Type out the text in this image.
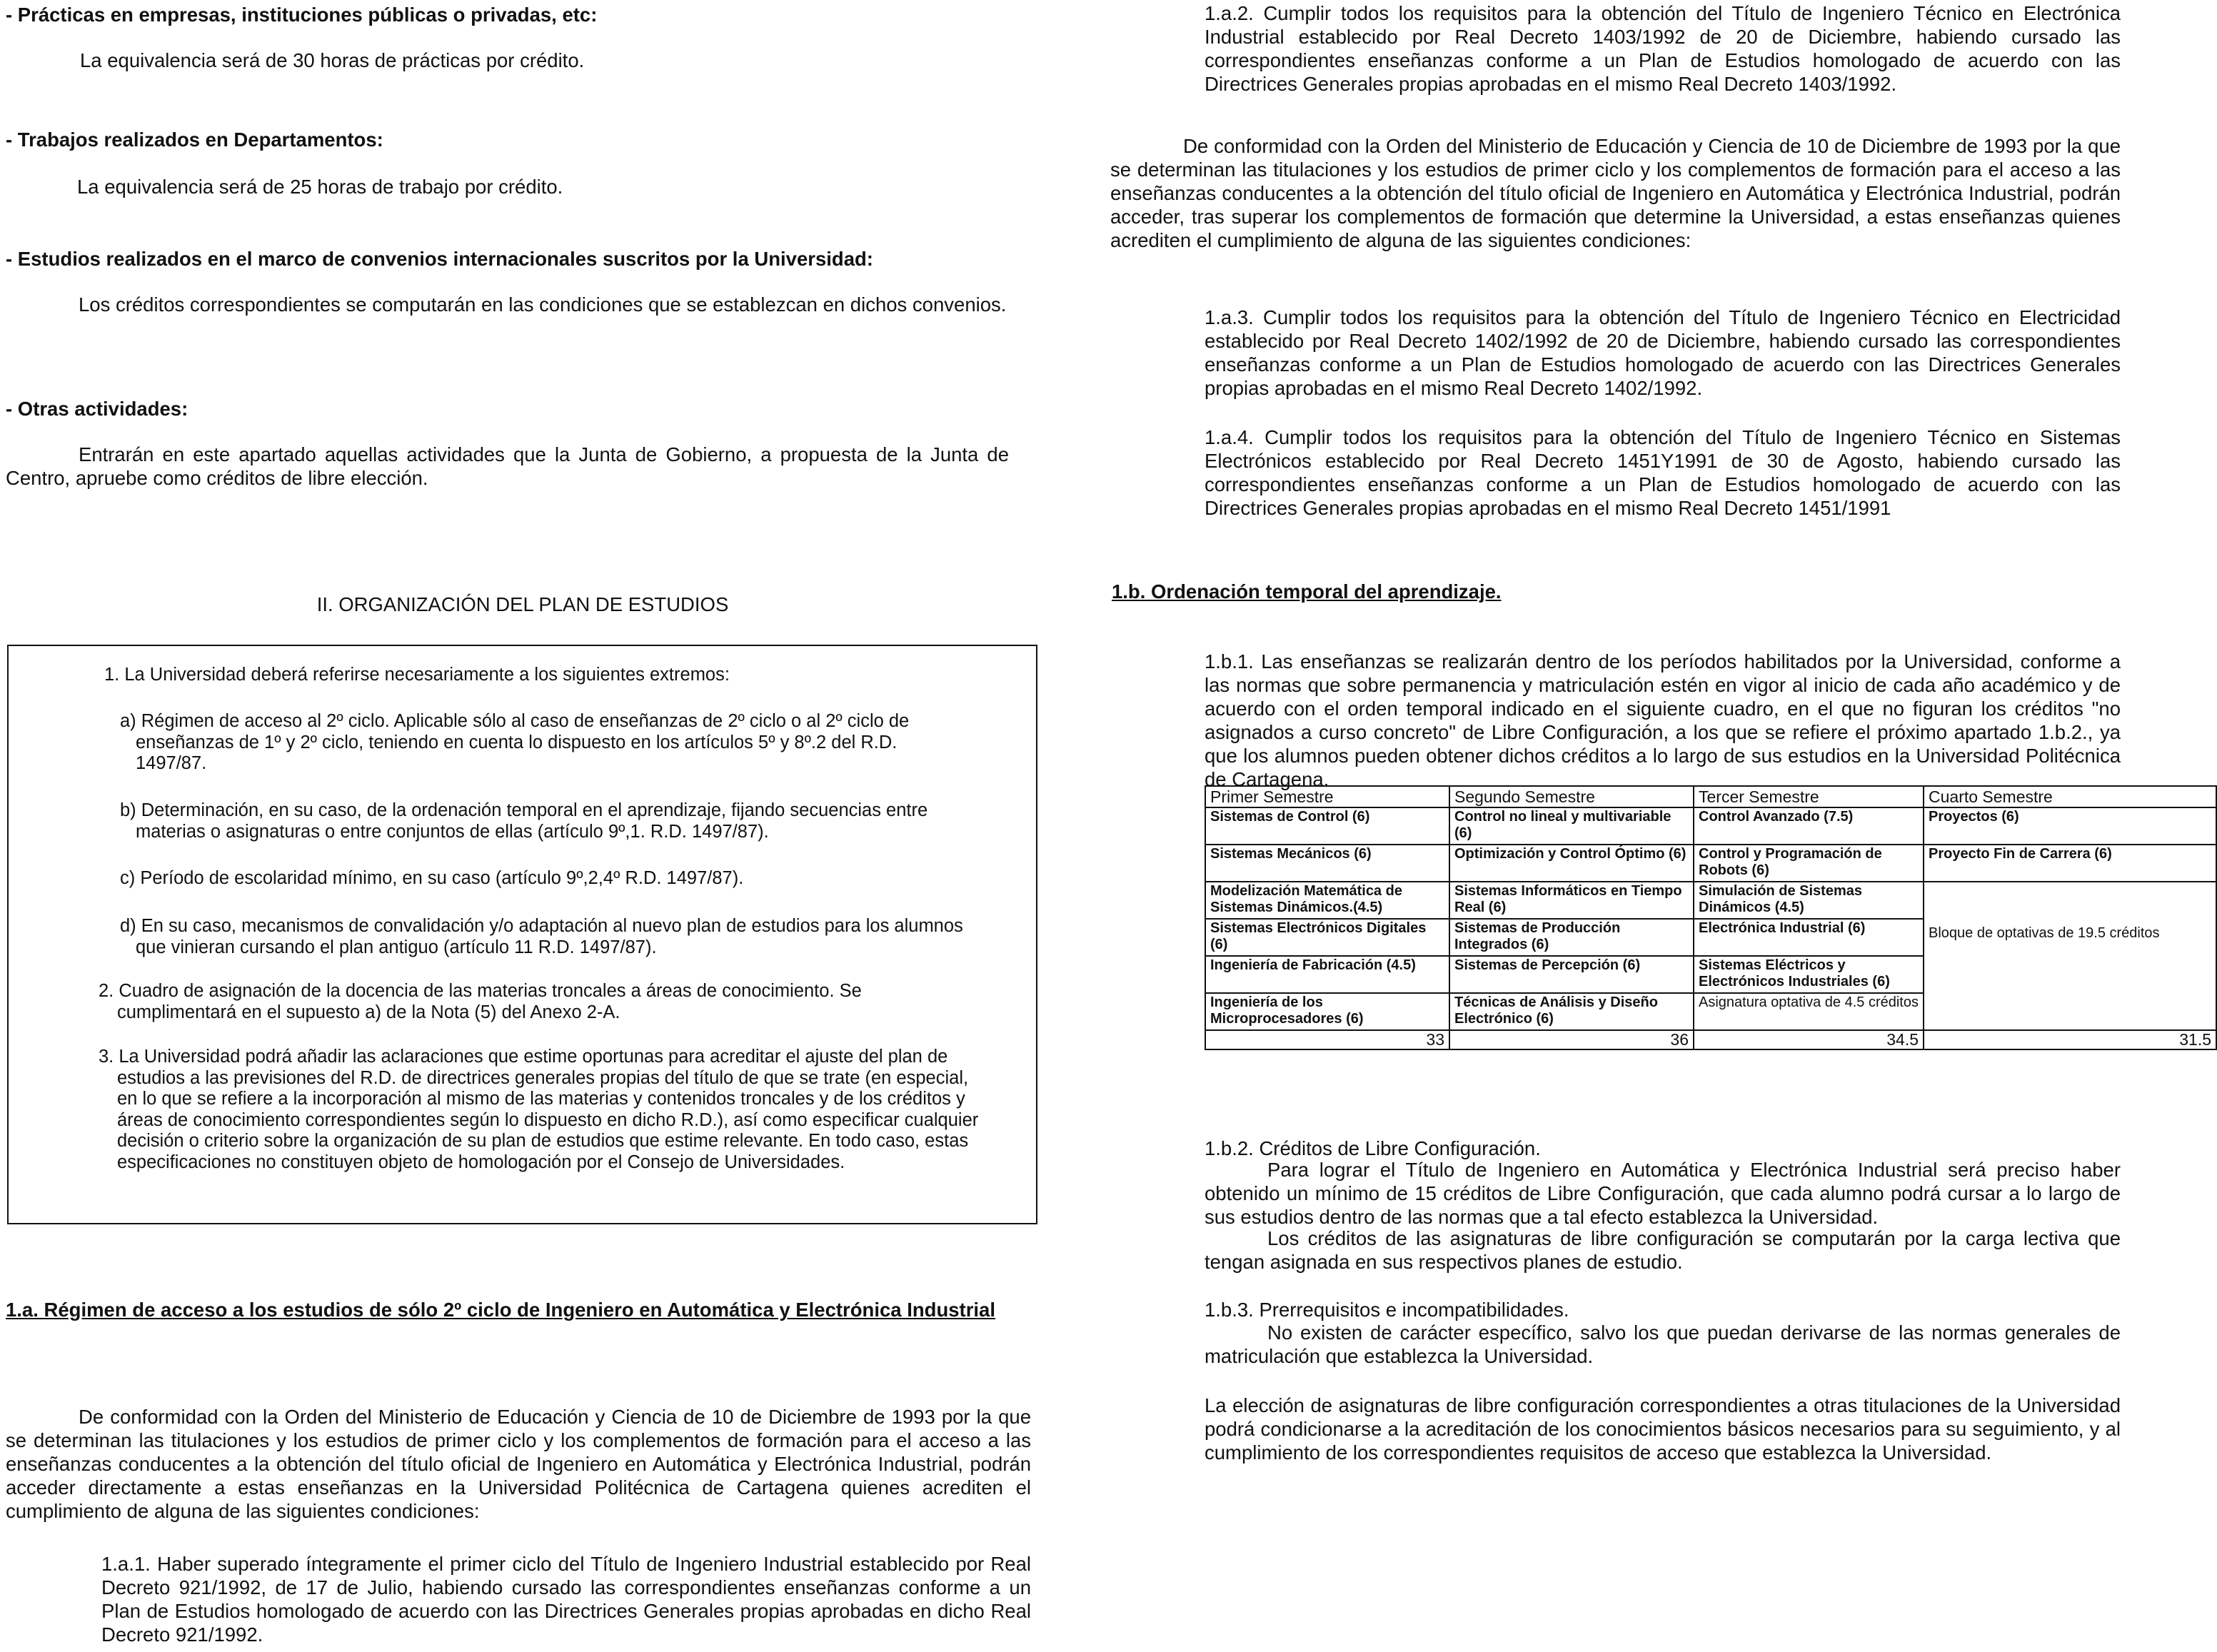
- Prácticas en empresas, instituciones públicas o privadas, etc:

La equivalencia será de 30 horas de prácticas por crédito.

- Trabajos realizados en Departamentos:

La equivalencia será de 25 horas de trabajo por crédito.

- Estudios realizados en el marco de convenios internacionales suscritos por la Universidad:

Los créditos correspondientes se computarán en las condiciones que se establezcan en dichos convenios.

- Otras actividades:

Entrarán en este apartado aquellas actividades que la Junta de Gobierno, a propuesta de la Junta de Centro, apruebe como créditos de libre elección.

II. ORGANIZACIÓN DEL PLAN DE ESTUDIOS

1. La Universidad deberá referirse necesariamente a los siguientes extremos:

a) Régimen de acceso al 2º ciclo. Aplicable sólo al caso de enseñanzas de 2º ciclo o al 2º ciclo de enseñanzas de 1º y 2º ciclo, teniendo en cuenta lo dispuesto en los artículos 5º y 8º.2 del R.D. 1497/87.

b) Determinación, en su caso, de la ordenación temporal en el aprendizaje, fijando secuencias entre materias o asignaturas o entre conjuntos de ellas (artículo 9º,1. R.D. 1497/87).

c) Período de escolaridad mínimo, en su caso (artículo 9º,2,4º R.D. 1497/87).

d) En su caso, mecanismos de convalidación y/o adaptación al nuevo plan de estudios para los alumnos que vinieran cursando el plan antiguo (artículo 11 R.D. 1497/87).

2. Cuadro de asignación de la docencia de las materias troncales a áreas de conocimiento. Se cumplimentará en el supuesto a) de la Nota (5) del Anexo 2-A.

3. La Universidad podrá añadir las aclaraciones que estime oportunas para acreditar el ajuste del plan de estudios a las previsiones del R.D. de directrices generales propias del título de que se trate (en especial, en lo que se refiere a la incorporación al mismo de las materias y contenidos troncales y de los créditos y áreas de conocimiento correspondientes según lo dispuesto en dicho R.D.), así como especificar cualquier decisión o criterio sobre la organización de su plan de estudios que estime relevante. En todo caso, estas especificaciones no constituyen objeto de homologación por el Consejo de Universidades.

1.a. Régimen de acceso a los estudios de sólo 2º ciclo de Ingeniero en Automática y Electrónica Industrial

De conformidad con la Orden del Ministerio de Educación y Ciencia de 10 de Diciembre de 1993 por la que se determinan las titulaciones y los estudios de primer ciclo y los complementos de formación para el acceso a las enseñanzas conducentes a la obtención del título oficial de Ingeniero en Automática y Electrónica Industrial, podrán acceder directamente a estas enseñanzas en la Universidad Politécnica de Cartagena quienes acrediten el cumplimiento de alguna de las siguientes condiciones:

1.a.1. Haber superado íntegramente el primer ciclo del Título de Ingeniero Industrial establecido por Real Decreto 921/1992, de 17 de Julio, habiendo cursado las correspondientes enseñanzas conforme a un Plan de Estudios homologado de acuerdo con las Directrices Generales propias aprobadas en dicho Real Decreto 921/1992.

1.a.2. Cumplir todos los requisitos para la obtención del Título de Ingeniero Técnico en Electrónica Industrial establecido por Real Decreto 1403/1992 de 20 de Diciembre, habiendo cursado las correspondientes enseñanzas conforme a un Plan de Estudios homologado de acuerdo con las Directrices Generales propias aprobadas en el mismo Real Decreto 1403/1992.

De conformidad con la Orden del Ministerio de Educación y Ciencia de 10 de Diciembre de 1993 por la que se determinan las titulaciones y los estudios de primer ciclo y los complementos de formación para el acceso a las enseñanzas conducentes a la obtención del título oficial de Ingeniero en Automática y Electrónica Industrial, podrán acceder, tras superar los complementos de formación que determine la Universidad, a estas enseñanzas quienes acrediten el cumplimiento de alguna de las siguientes condiciones:

1.a.3. Cumplir todos los requisitos para la obtención del Título de Ingeniero Técnico en Electricidad establecido por Real Decreto 1402/1992 de 20 de Diciembre, habiendo cursado las correspondientes enseñanzas conforme a un Plan de Estudios homologado de acuerdo con las Directrices Generales propias aprobadas en el mismo Real Decreto 1402/1992.

1.a.4. Cumplir todos los requisitos para la obtención del Título de Ingeniero Técnico en Sistemas Electrónicos establecido por Real Decreto 1451Y1991 de 30 de Agosto, habiendo cursado las correspondientes enseñanzas conforme a un Plan de Estudios homologado de acuerdo con las Directrices Generales propias aprobadas en el mismo Real Decreto 1451/1991

1.b. Ordenación temporal del aprendizaje.

1.b.1. Las enseñanzas se realizarán dentro de los períodos habilitados por la Universidad, conforme a las normas que sobre permanencia y matriculación estén en vigor al inicio de cada año académico y de acuerdo con el orden temporal indicado en el siguiente cuadro, en el que no figuran los créditos "no asignados a curso concreto" de Libre Configuración, a los que se refiere el próximo apartado 1.b.2., ya que los alumnos pueden obtener dichos créditos a lo largo de sus estudios en la Universidad Politécnica de Cartagena.

Primer Semestre	Segundo Semestre	Tercer Semestre	Cuarto Semestre
Sistemas de Control (6)	Control no lineal y multivariable (6)	Control Avanzado (7.5)	Proyectos (6)
Sistemas Mecánicos (6)	Optimización y Control Óptimo (6)	Control y Programación de Robots (6)	Proyecto Fin de Carrera (6)
Modelización Matemática de Sistemas Dinámicos.(4.5)	Sistemas Informáticos en Tiempo Real (6)	Simulación de Sistemas Dinámicos (4.5)	Bloque de optativas de 19.5 créditos
Sistemas Electrónicos Digitales (6)	Sistemas de Producción Integrados (6)	Electrónica Industrial (6)	
Ingeniería de Fabricación (4.5)	Sistemas de Percepción (6)	Sistemas Eléctricos y Electrónicos Industriales (6)	
Ingeniería de los Microprocesadores (6)	Técnicas de Análisis y Diseño Electrónico (6)	Asignatura optativa de 4.5 créditos	
33	36	34.5	31.5

1.b.2. Créditos de Libre Configuración.

Para lograr el Título de Ingeniero en Automática y Electrónica Industrial será preciso haber obtenido un mínimo de 15 créditos de Libre Configuración, que cada alumno podrá cursar a lo largo de sus estudios dentro de las normas que a tal efecto establezca la Universidad.

Los créditos de las asignaturas de libre configuración se computarán por la carga lectiva que tengan asignada en sus respectivos planes de estudio.

1.b.3. Prerrequisitos e incompatibilidades.

No existen de carácter específico, salvo los que puedan derivarse de las normas generales de matriculación que establezca la Universidad.

La elección de asignaturas de libre configuración correspondientes a otras titulaciones de la Universidad podrá condicionarse a la acreditación de los conocimientos básicos necesarios para su seguimiento, y al cumplimiento de los correspondientes requisitos de acceso que establezca la Universidad.
